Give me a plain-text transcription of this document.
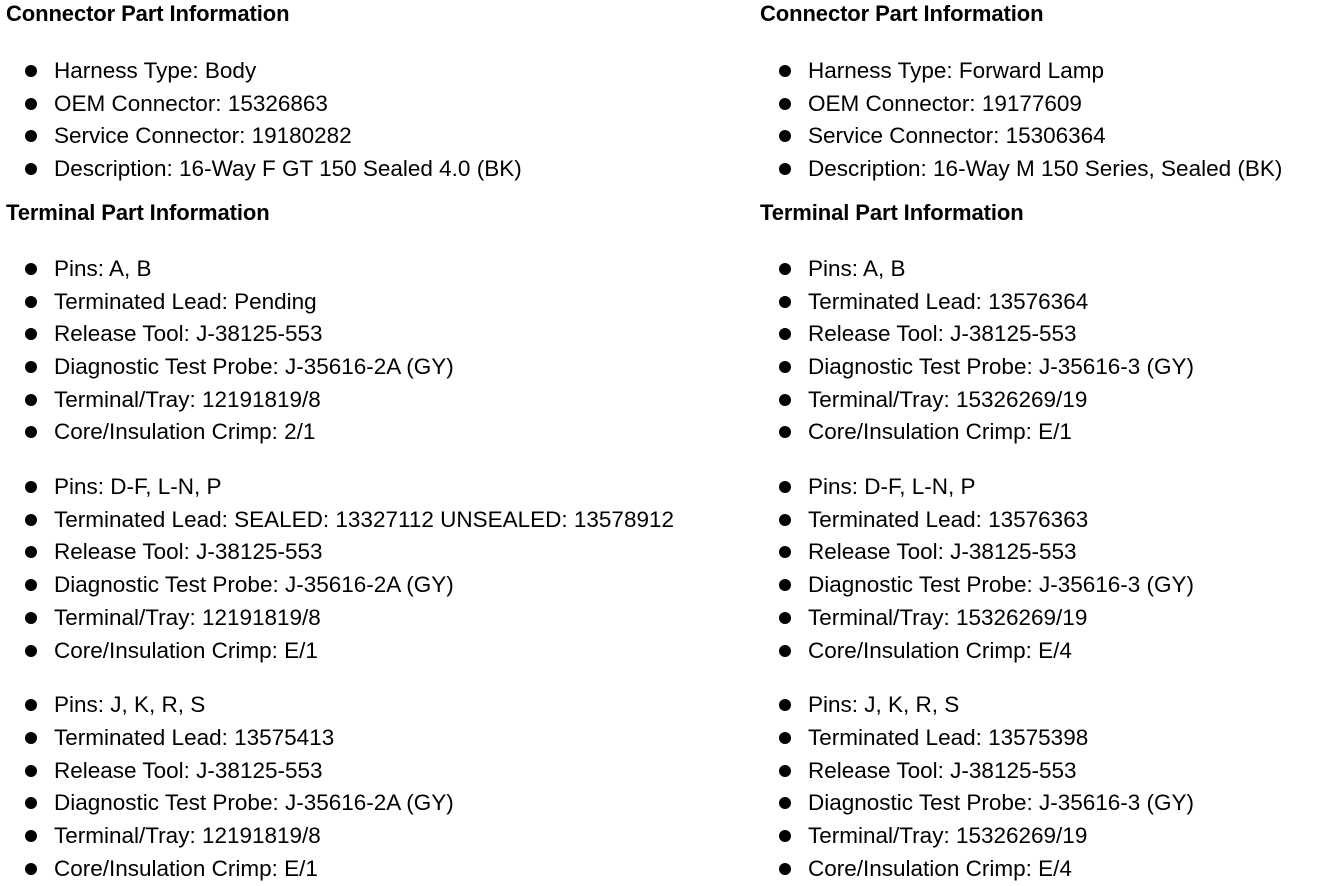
Connector Part Information
Harness Type: Body
OEM Connector: 15326863
Service Connector: 19180282
Description: 16-Way F GT 150 Sealed 4.0 (BK)
Terminal Part Information
Pins: A, B
Terminated Lead: Pending
Release Tool: J-38125-553
Diagnostic Test Probe: J-35616-2A (GY)
Terminal/Tray: 12191819/8
Core/Insulation Crimp: 2/1
Pins: D-F, L-N, P
Terminated Lead: SEALED: 13327112 UNSEALED: 13578912
Release Tool: J-38125-553
Diagnostic Test Probe: J-35616-2A (GY)
Terminal/Tray: 12191819/8
Core/Insulation Crimp: E/1
Pins: J, K, R, S
Terminated Lead: 13575413
Release Tool: J-38125-553
Diagnostic Test Probe: J-35616-2A (GY)
Terminal/Tray: 12191819/8
Core/Insulation Crimp: E/1
Connector Part Information
Harness Type: Forward Lamp
OEM Connector: 19177609
Service Connector: 15306364
Description: 16-Way M 150 Series, Sealed (BK)
Terminal Part Information
Pins: A, B
Terminated Lead: 13576364
Release Tool: J-38125-553
Diagnostic Test Probe: J-35616-3 (GY)
Terminal/Tray: 15326269/19
Core/Insulation Crimp: E/1
Pins: D-F, L-N, P
Terminated Lead: 13576363
Release Tool: J-38125-553
Diagnostic Test Probe: J-35616-3 (GY)
Terminal/Tray: 15326269/19
Core/Insulation Crimp: E/4
Pins: J, K, R, S
Terminated Lead: 13575398
Release Tool: J-38125-553
Diagnostic Test Probe: J-35616-3 (GY)
Terminal/Tray: 15326269/19
Core/Insulation Crimp: E/4
